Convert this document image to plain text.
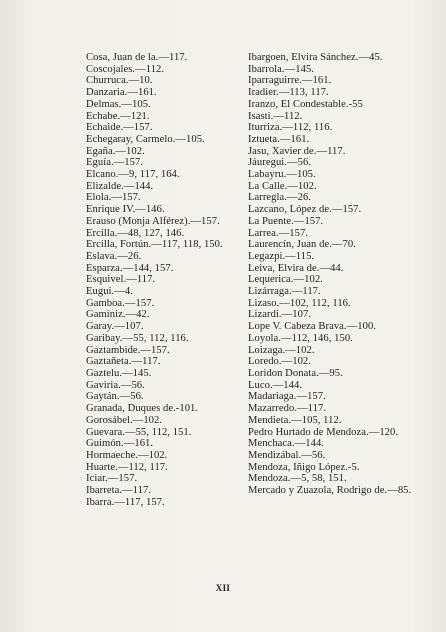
Cosa, Juan de la.—117.
Coscojales.—112.
Churruca.—10.
Danzaria.—161.
Delmas.—105.
Echabe.—121.
Echaide.—157.
Echegaray, Carmelo.—105.
Egaña.—102.
Eguía.—157.
Elcano.—9, 117, 164.
Elizalde.—144.
Elola.—157.
Enrique IV.—146.
Erauso (Monja Alférez).—157.
Ercilla.—48, 127, 146.
Ercilla, Fortún.—117, 118, 150.
Eslava.—26.
Esparza.—144, 157.
Esquivel.—117.
Eugui.—4.
Gamboa.—157.
Gamíniz.—42.
Garay.—107.
Garibay.—55, 112, 116.
Gaztambide.—157.
Gaztañeta.—117.
Gaztelu.—145.
Gaviria.—56.
Gaytán.—56.
Granada, Duques de.-101.
Gorosábel.—102.
Guevara.—55, 112, 151.
Guimón.—161.
Hormaeche.—102.
Huarte.—112, 117.
Iciar.—157.
Ibarreta.—117.
Ibarra.—117, 157.
Ibargoen, Elvira Sánchez.—45.
Ibarrola.—145.
Iparraguirre.—161.
Iradier.—113, 117.
Iranzo, El Condestable.-55
Isasti.—112.
Iturriza.—112, 116.
Iztueta.—161.
Jasu, Xavier de.—117.
Jáuregui.—56.
Labayru.—105.
La Calle.—102.
Larregla.—26.
Lazcano, López de.—157.
La Puente.—157.
Larrea.—157.
Laurencín, Juan de.—70.
Legazpi.—115.
Leiva, Elvira de.—44.
Lequerica.—102.
Lizárraga.—117.
Lizaso.—102, 112, 116.
Lizardi.—107.
Lope V. Cabeza Brava.—100.
Loyola.—112, 146, 150.
Loizaga.—102.
Loredo.—102.
Loridon Donata.—95.
Luco.—144.
Madariaga.—157.
Mazarredo.—117.
Mendieta.—105, 112.
Pedro Hurtado de Mendoza.—120.
Menchaca.—144.
Mendizábal.—56.
Mendoza, Iñigo López.-5.
Mendoza.—5, 58, 151.
Mercado y Zuazola, Rodrigo de.—85.
XII
